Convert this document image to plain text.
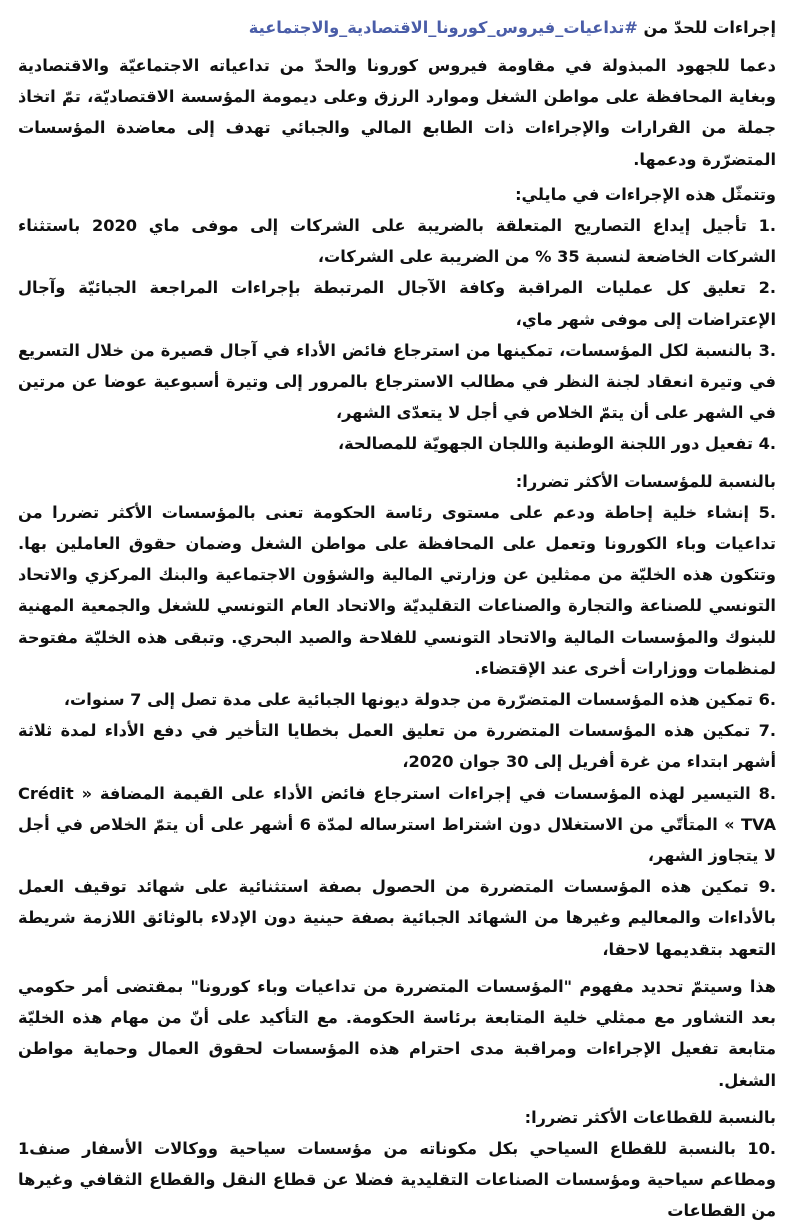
إجراءات للحدّ من #تداعيات_فيروس_كورونا_الاقتصادية_والاجتماعية

دعما للجهود المبذولة في مقاومة فيروس كورونا والحدّ من تداعياته الاجتماعيّة والاقتصادية وبغاية المحافظة على مواطن الشغل وموارد الرزق وعلى ديمومة المؤسسة الاقتصاديّة، تمّ اتخاذ جملة من القرارات والإجراءات ذات الطابع المالي والجبائي تهدف إلى معاضدة المؤسسات المتضرّرة ودعمها.

وتتمثّل هذه الإجراءات في مايلي:

.1 تأجيل إيداع التصاريح المتعلقة بالضريبة على الشركات إلى موفى ماي 2020 باستثناء الشركات الخاضعة لنسبة 35 % من الضريبة على الشركات،

.2 تعليق كل عمليات المراقبة وكافة الآجال المرتبطة بإجراءات المراجعة الجبائيّة وآجال الإعتراضات إلى موفى شهر ماي،

.3 بالنسبة لكل المؤسسات، تمكينها من استرجاع فائض الأداء في آجال قصيرة من خلال التسريع في وتيرة انعقاد لجنة النظر في مطالب الاسترجاع بالمرور إلى وتيرة أسبوعية عوضا عن مرتين في الشهر على أن يتمّ الخلاص في أجل لا يتعدّى الشهر،

.4 تفعيل دور اللجنة الوطنية واللجان الجهويّة للمصالحة،

بالنسبة للمؤسسات الأكثر تضررا:

.5 إنشاء خلية إحاطة ودعم على مستوى رئاسة الحكومة تعنى بالمؤسسات الأكثر تضررا من تداعيات وباء الكورونا وتعمل على المحافظة على مواطن الشغل وضمان حقوق العاملين بها. وتتكون هذه الخليّة من ممثلين عن وزارتي المالية والشؤون الاجتماعية والبنك المركزي والاتحاد التونسي للصناعة والتجارة والصناعات التقليديّة والاتحاد العام التونسي للشغل والجمعية المهنية للبنوك والمؤسسات المالية والاتحاد التونسي للفلاحة والصيد البحري. وتبقى هذه الخليّة مفتوحة لمنظمات ووزارات أخرى عند الإقتضاء.

.6 تمكين هذه المؤسسات المتضرّرة من جدولة ديونها الجبائية على مدة تصل إلى 7 سنوات،

.7 تمكين هذه المؤسسات المتضررة من تعليق العمل بخطايا التأخير في دفع الأداء لمدة ثلاثة أشهر ابتداء من غرة أفريل إلى 30 جوان 2020،

.8 التيسير لهذه المؤسسات في إجراءات استرجاع فائض الأداء على القيمة المضافة « Crédit TVA » المتأتّي من الاستغلال دون اشتراط استرساله لمدّة 6 أشهر على أن يتمّ الخلاص في أجل لا يتجاوز الشهر،

.9 تمكين هذه المؤسسات المتضررة من الحصول بصفة استثنائية على شهائد توقيف العمل بالأداءات والمعاليم وغيرها من الشهائد الجبائية بصفة حينية دون الإدلاء بالوثائق اللازمة شريطة التعهد بتقديمها لاحقا،

هذا وسيتمّ تحديد مفهوم "المؤسسات المتضررة من تداعيات وباء كورونا" بمقتضى أمر حكومي بعد التشاور مع ممثلي خلية المتابعة برئاسة الحكومة. مع التأكيد على أنّ من مهام هذه الخليّة متابعة تفعيل الإجراءات ومراقبة مدى احترام هذه المؤسسات لحقوق العمال وحماية مواطن الشغل.

بالنسبة للقطاعات الأكثر تضررا:

.10 بالنسبة للقطاع السياحي بكل مكوناته من مؤسسات سياحية ووكالات الأسفار صنف1 ومطاعم سياحية ومؤسسات الصناعات التقليدية فضلا عن قطاع النقل والقطاع الثقافي وغيرها من القطاعات
